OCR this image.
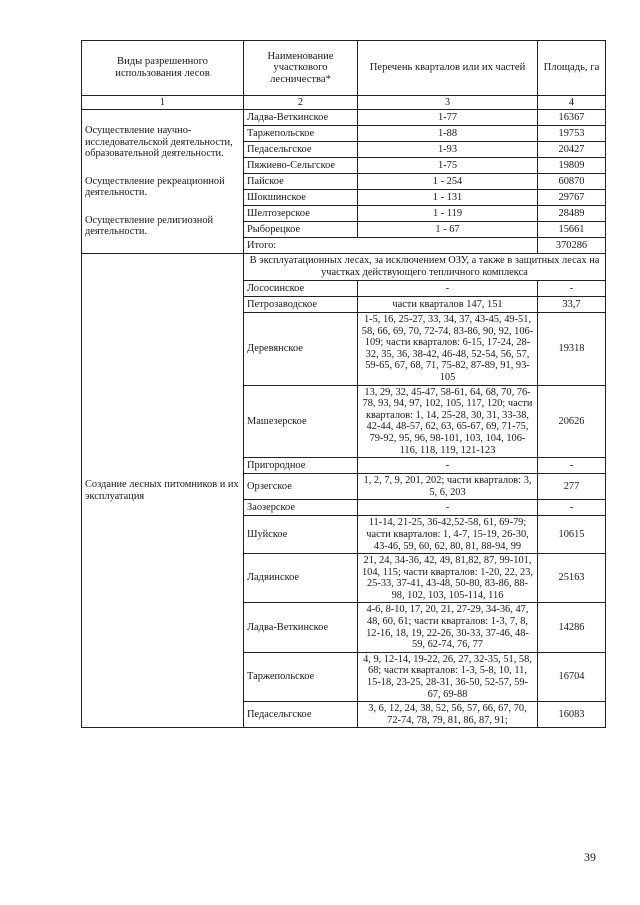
Виды разрешенного использования лесов	Наименование участкового лесничества*	Перечень кварталов или их частей	Площадь, га
1	2	3	4

Осуществление научно-исследовательской деятельности, образовательной деятельности.

Осуществление рекреационной деятельности.

Осуществление религиозной деятельности.	Ладва-Веткинское	1-77	16367
	Таржепольское	1-88	19753
	Педасельгское	1-93	20427
	Пяжиево-Сельгское	1-75	19809
	Пайское	1 - 254	60870
	Шокшинское	1 - 131	29767
	Шелтозерское	1 - 119	28489
	Рыборецкое	1 - 67	15661
	Итого:		370286
Создание лесных питомников и их эксплуатация	В эксплуатационных лесах, за исключением ОЗУ, а также в защитных лесах на участках действующего тепличного комплекса		
	Лососинское	-	-
	Петрозаводское	части кварталов 147, 151	33,7
	Деревянское	1-5, 16, 25-27, 33, 34, 37, 43-45, 49-51, 58, 66, 69, 70, 72-74, 83-86, 90, 92, 106-109; части кварталов: 6-15, 17-24, 28-32, 35, 36, 38-42, 46-48, 52-54, 56, 57, 59-65, 67, 68, 71, 75-82, 87-89, 91, 93-105	19318
	Машезерское	13, 29, 32, 45-47, 58-61, 64, 68, 70, 76-78, 93, 94, 97, 102, 105, 117, 120; части кварталов: 1, 14, 25-28, 30, 31, 33-38, 42-44, 48-57, 62, 63, 65-67, 69, 71-75, 79-92, 95, 96, 98-101, 103, 104, 106-116, 118, 119, 121-123	20626
	Пригородное	-	-
	Орзегское	1, 2, 7, 9, 201, 202; части кварталов: 3, 5, 6, 203	277
	Заозерское	-	-
	Шуйское	11-14, 21-25, 36-42,52-58, 61, 69-79; части кварталов: 1, 4-7, 15-19, 26-30, 43-46, 59, 60, 62, 80, 81, 88-94, 99	10615
	Ладвинское	21, 24, 34-36, 42, 49, 81,82, 87, 99-101, 104, 115; части кварталов: 1-20, 22, 23, 25-33, 37-41, 43-48, 50-80, 83-86, 88-98, 102, 103, 105-114, 116	25163
	Ладва-Веткинское	4-6, 8-10, 17, 20, 21, 27-29, 34-36, 47, 48, 60, 61; части кварталов: 1-3, 7, 8, 12-16, 18, 19, 22-26, 30-33, 37-46, 48-59, 62-74, 76, 77	14286
	Таржепольское	4, 9, 12-14, 19-22, 26, 27, 32-35, 51, 58, 68; части кварталов: 1-3, 5-8, 10, 11, 15-18, 23-25, 28-31, 36-50, 52-57, 59-67, 69-88	16704
	Педасельгское	3, 6, 12, 24, 38, 52, 56, 57, 66, 67, 70, 72-74, 78, 79, 81, 86, 87, 91;	16083
39
